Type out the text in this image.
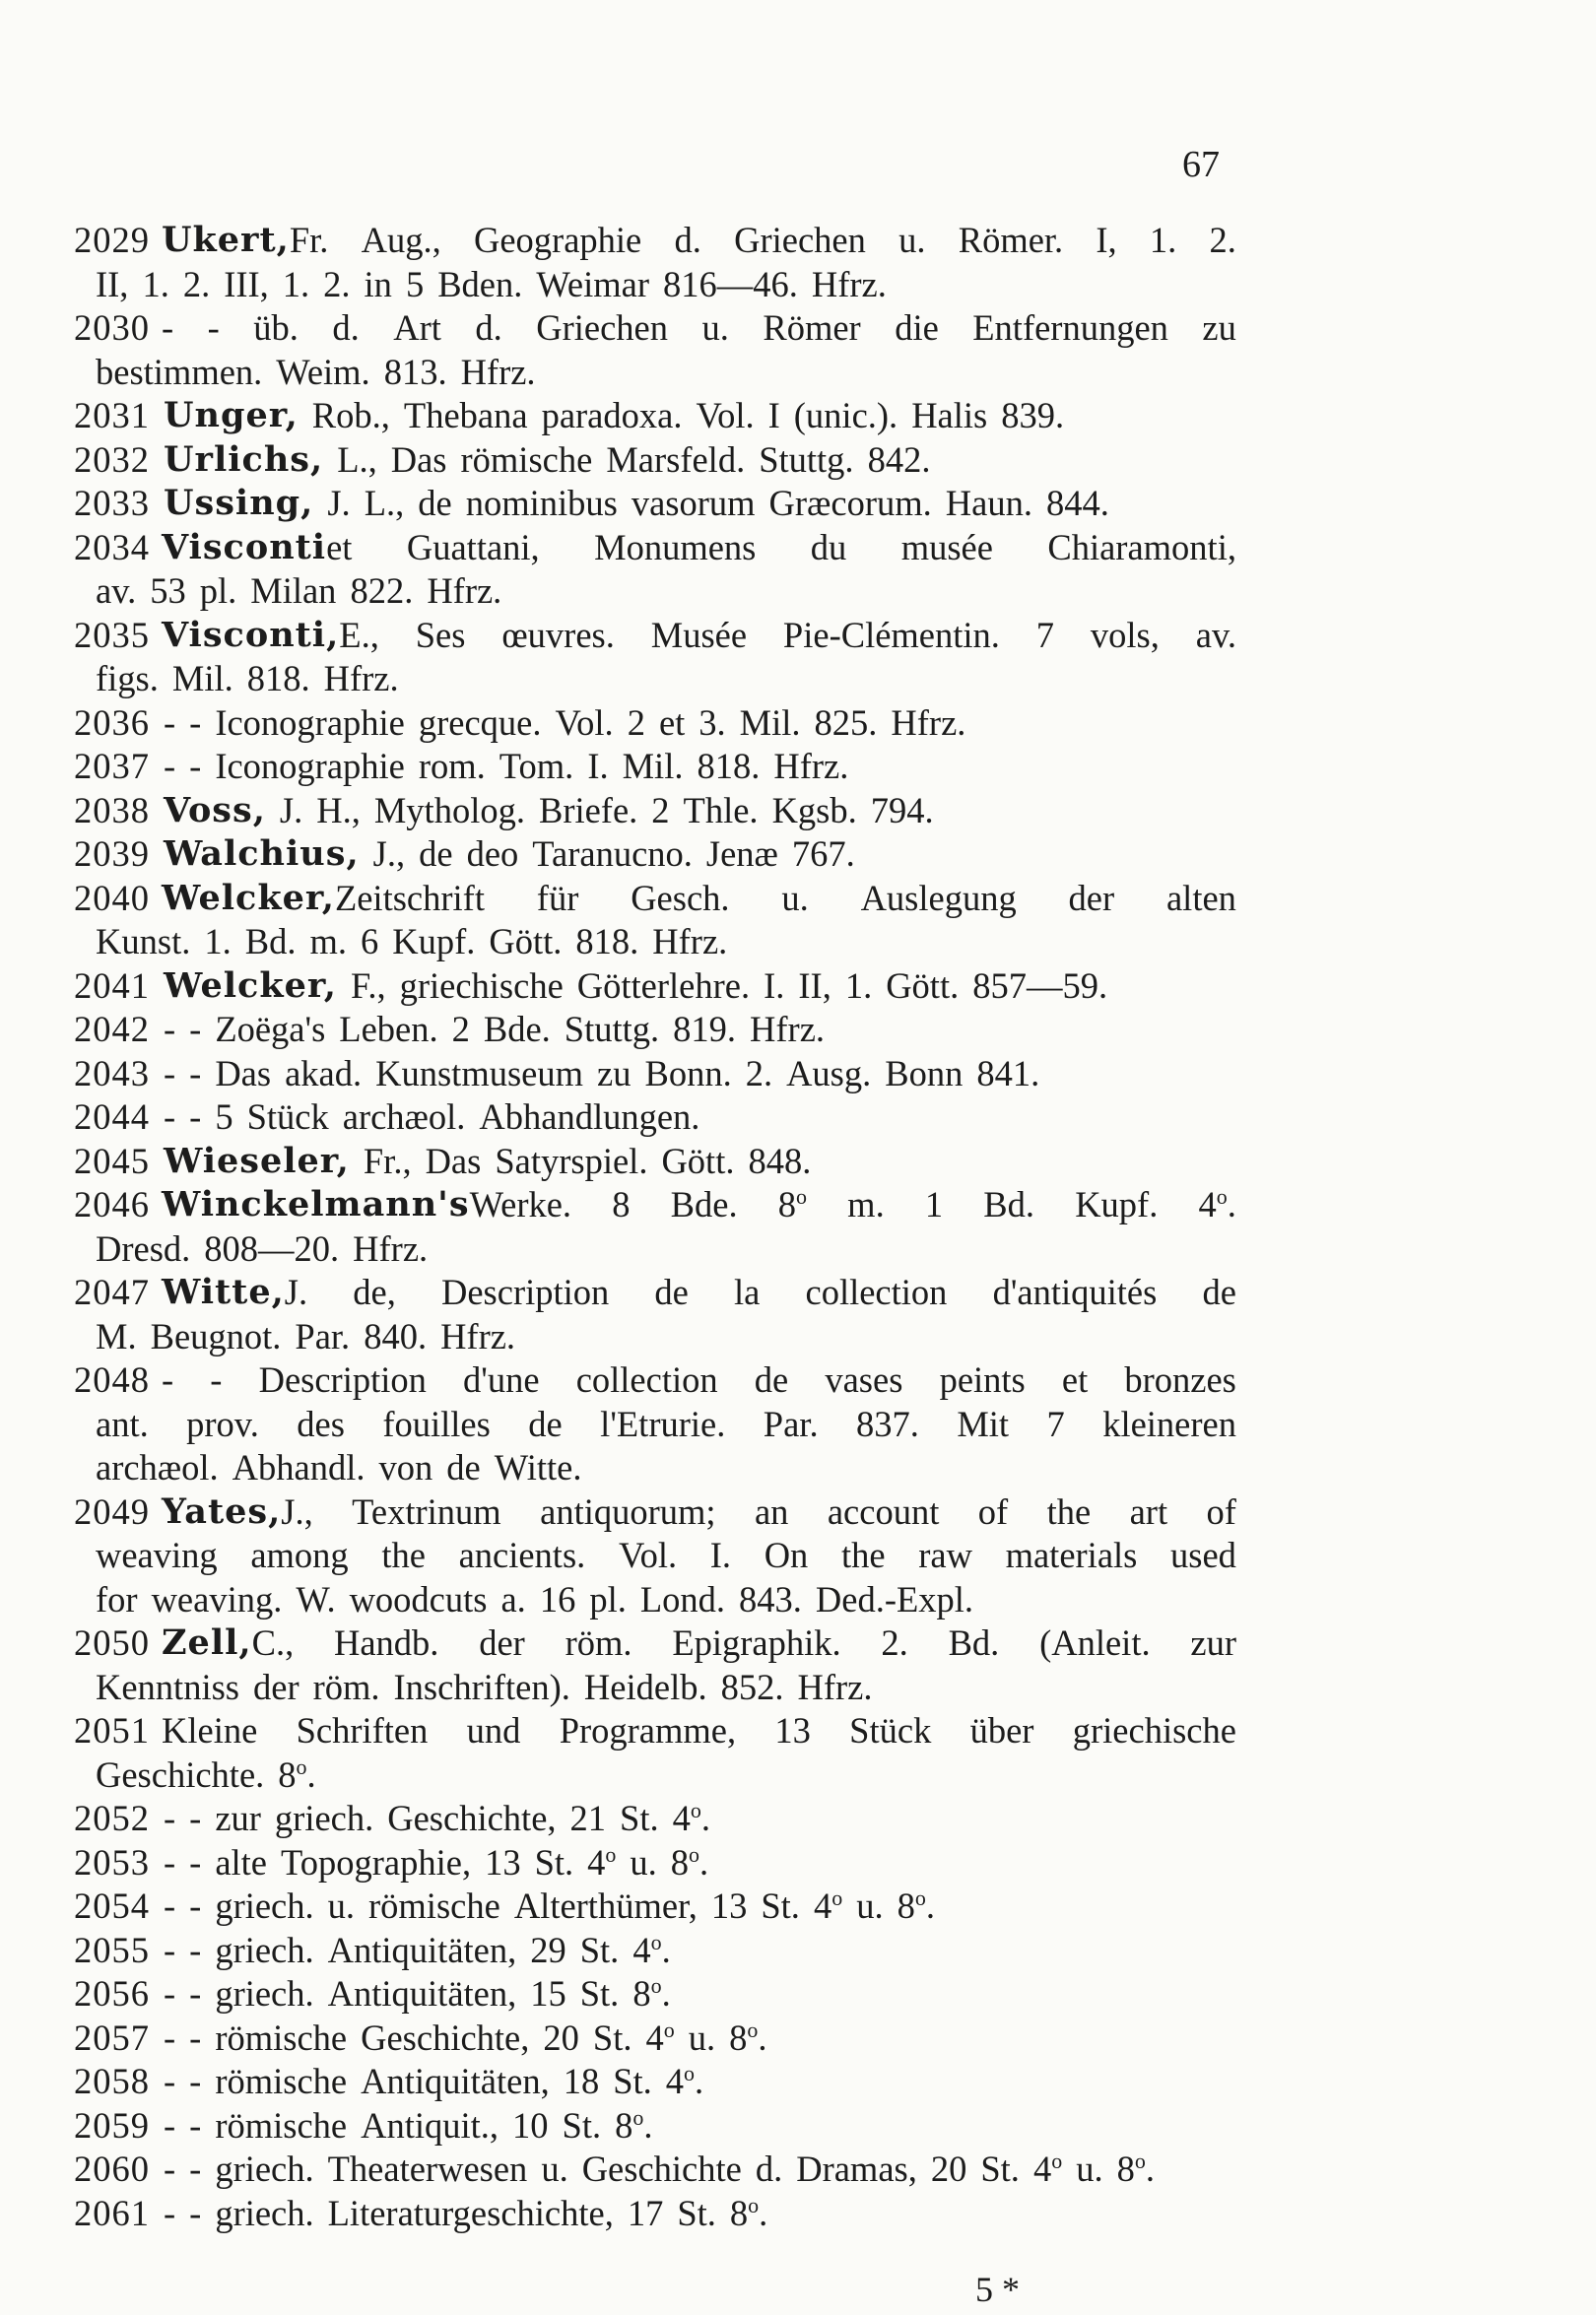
67
2029 Ukert, Fr. Aug., Geographie d. Griechen u. Römer. I, 1. 2.
II, 1. 2. III, 1. 2. in 5 Bden. Weimar 816—46. Hfrz.
2030 - - üb. d. Art d. Griechen u. Römer die Entfernungen zu
bestimmen. Weim. 813. Hfrz.
2031 Unger, Rob., Thebana paradoxa. Vol. I (unic.). Halis 839.
2032 Urlichs, L., Das römische Marsfeld. Stuttg. 842.
2033 Ussing, J. L., de nominibus vasorum Græcorum. Haun. 844.
2034 Visconti et Guattani, Monumens du musée Chiaramonti,
av. 53 pl. Milan 822. Hfrz.
2035 Visconti, E., Ses œuvres. Musée Pie-Clémentin. 7 vols, av.
figs. Mil. 818. Hfrz.
2036 - - Iconographie grecque. Vol. 2 et 3. Mil. 825. Hfrz.
2037 - - Iconographie rom. Tom. I. Mil. 818. Hfrz.
2038 Voss, J. H., Mytholog. Briefe. 2 Thle. Kgsb. 794.
2039 Walchius, J., de deo Taranucno. Jenæ 767.
2040 Welcker, Zeitschrift für Gesch. u. Auslegung der alten
Kunst. 1. Bd. m. 6 Kupf. Gött. 818. Hfrz.
2041 Welcker, F., griechische Götterlehre. I. II, 1. Gött. 857—59.
2042 - - Zoëga's Leben. 2 Bde. Stuttg. 819. Hfrz.
2043 - - Das akad. Kunstmuseum zu Bonn. 2. Ausg. Bonn 841.
2044 - - 5 Stück archæol. Abhandlungen.
2045 Wieseler, Fr., Das Satyrspiel. Gött. 848.
2046 Winckelmann's Werke. 8 Bde. 8$^o$ m. 1 Bd. Kupf. 4$^o$.
Dresd. 808—20. Hfrz.
2047 Witte, J. de, Description de la collection d'antiquités de
M. Beugnot. Par. 840. Hfrz.
2048 - - Description d'une collection de vases peints et bronzes
ant. prov. des fouilles de l'Etrurie. Par. 837. Mit 7 kleineren
archæol. Abhandl. von de Witte.
2049 Yates, J., Textrinum antiquorum; an account of the art of
weaving among the ancients. Vol. I. On the raw materials used
for weaving. W. woodcuts a. 16 pl. Lond. 843. Ded.-Expl.
2050 Zell, C., Handb. der röm. Epigraphik. 2. Bd. (Anleit. zur
Kenntniss der röm. Inschriften). Heidelb. 852. Hfrz.
2051 Kleine Schriften und Programme, 13 Stück über griechische
Geschichte. 8$^o$.
2052 - - zur griech. Geschichte, 21 St. 4$^o$.
2053 - - alte Topographie, 13 St. 4$^o$ u. 8$^o$.
2054 - - griech. u. römische Alterthümer, 13 St. 4$^o$ u. 8$^o$.
2055 - - griech. Antiquitäten, 29 St. 4$^o$.
2056 - - griech. Antiquitäten, 15 St. 8$^o$.
2057 - - römische Geschichte, 20 St. 4$^o$ u. 8$^o$.
2058 - - römische Antiquitäten, 18 St. 4$^o$.
2059 - - römische Antiquit., 10 St. 8$^o$.
2060 - - griech. Theaterwesen u. Geschichte d. Dramas, 20 St. 4$^o$ u. 8$^o$.
2061 - - griech. Literaturgeschichte, 17 St. 8$^o$.
5 *
